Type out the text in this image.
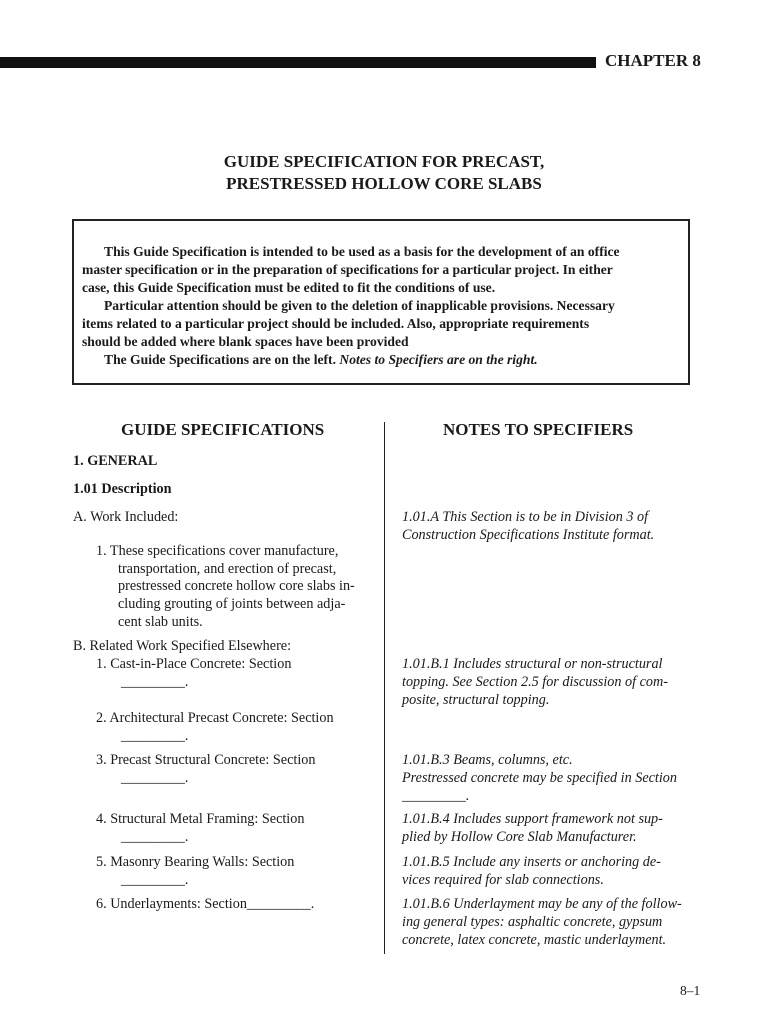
CHAPTER 8
GUIDE SPECIFICATION FOR PRECAST,
PRESTRESSED HOLLOW CORE SLABS
This Guide Specification is intended to be used as a basis for the development of an office
master specification or in the preparation of specifications for a particular project. In either
case, this Guide Specification must be edited to fit the conditions of use.
Particular attention should be given to the deletion of inapplicable provisions. Necessary
items related to a particular project should be included. Also, appropriate requirements
should be added where blank spaces have been provided
The Guide Specifications are on the left. Notes to Specifiers are on the right.
GUIDE SPECIFICATIONS	NOTES TO SPECIFIERS
1. GENERAL
1.01 Description
A. Work Included:
1. These specifications cover manufacture,
transportation, and erection of precast,
prestressed concrete hollow core slabs in-
cluding grouting of joints between adja-
cent slab units.
B. Related Work Specified Elsewhere:
1. Cast-in-Place Concrete: Section
_________.
2. Architectural Precast Concrete: Section
_________.
3. Precast Structural Concrete: Section
_________.
4. Structural Metal Framing: Section
_________.
5. Masonry Bearing Walls: Section
_________.
6. Underlayments: Section_________.
1.01.A This Section is to be in Division 3 of
Construction Specifications Institute format.
1.01.B.1 Includes structural or non-structural
topping. See Section 2.5 for discussion of com-
posite, structural topping.
1.01.B.3 Beams, columns, etc.
Prestressed concrete may be specified in Section
_________.
1.01.B.4 Includes support framework not sup-
plied by Hollow Core Slab Manufacturer.
1.01.B.5 Include any inserts or anchoring de-
vices required for slab connections.
1.01.B.6 Underlayment may be any of the follow-
ing general types: asphaltic concrete, gypsum
concrete, latex concrete, mastic underlayment.
8–1
